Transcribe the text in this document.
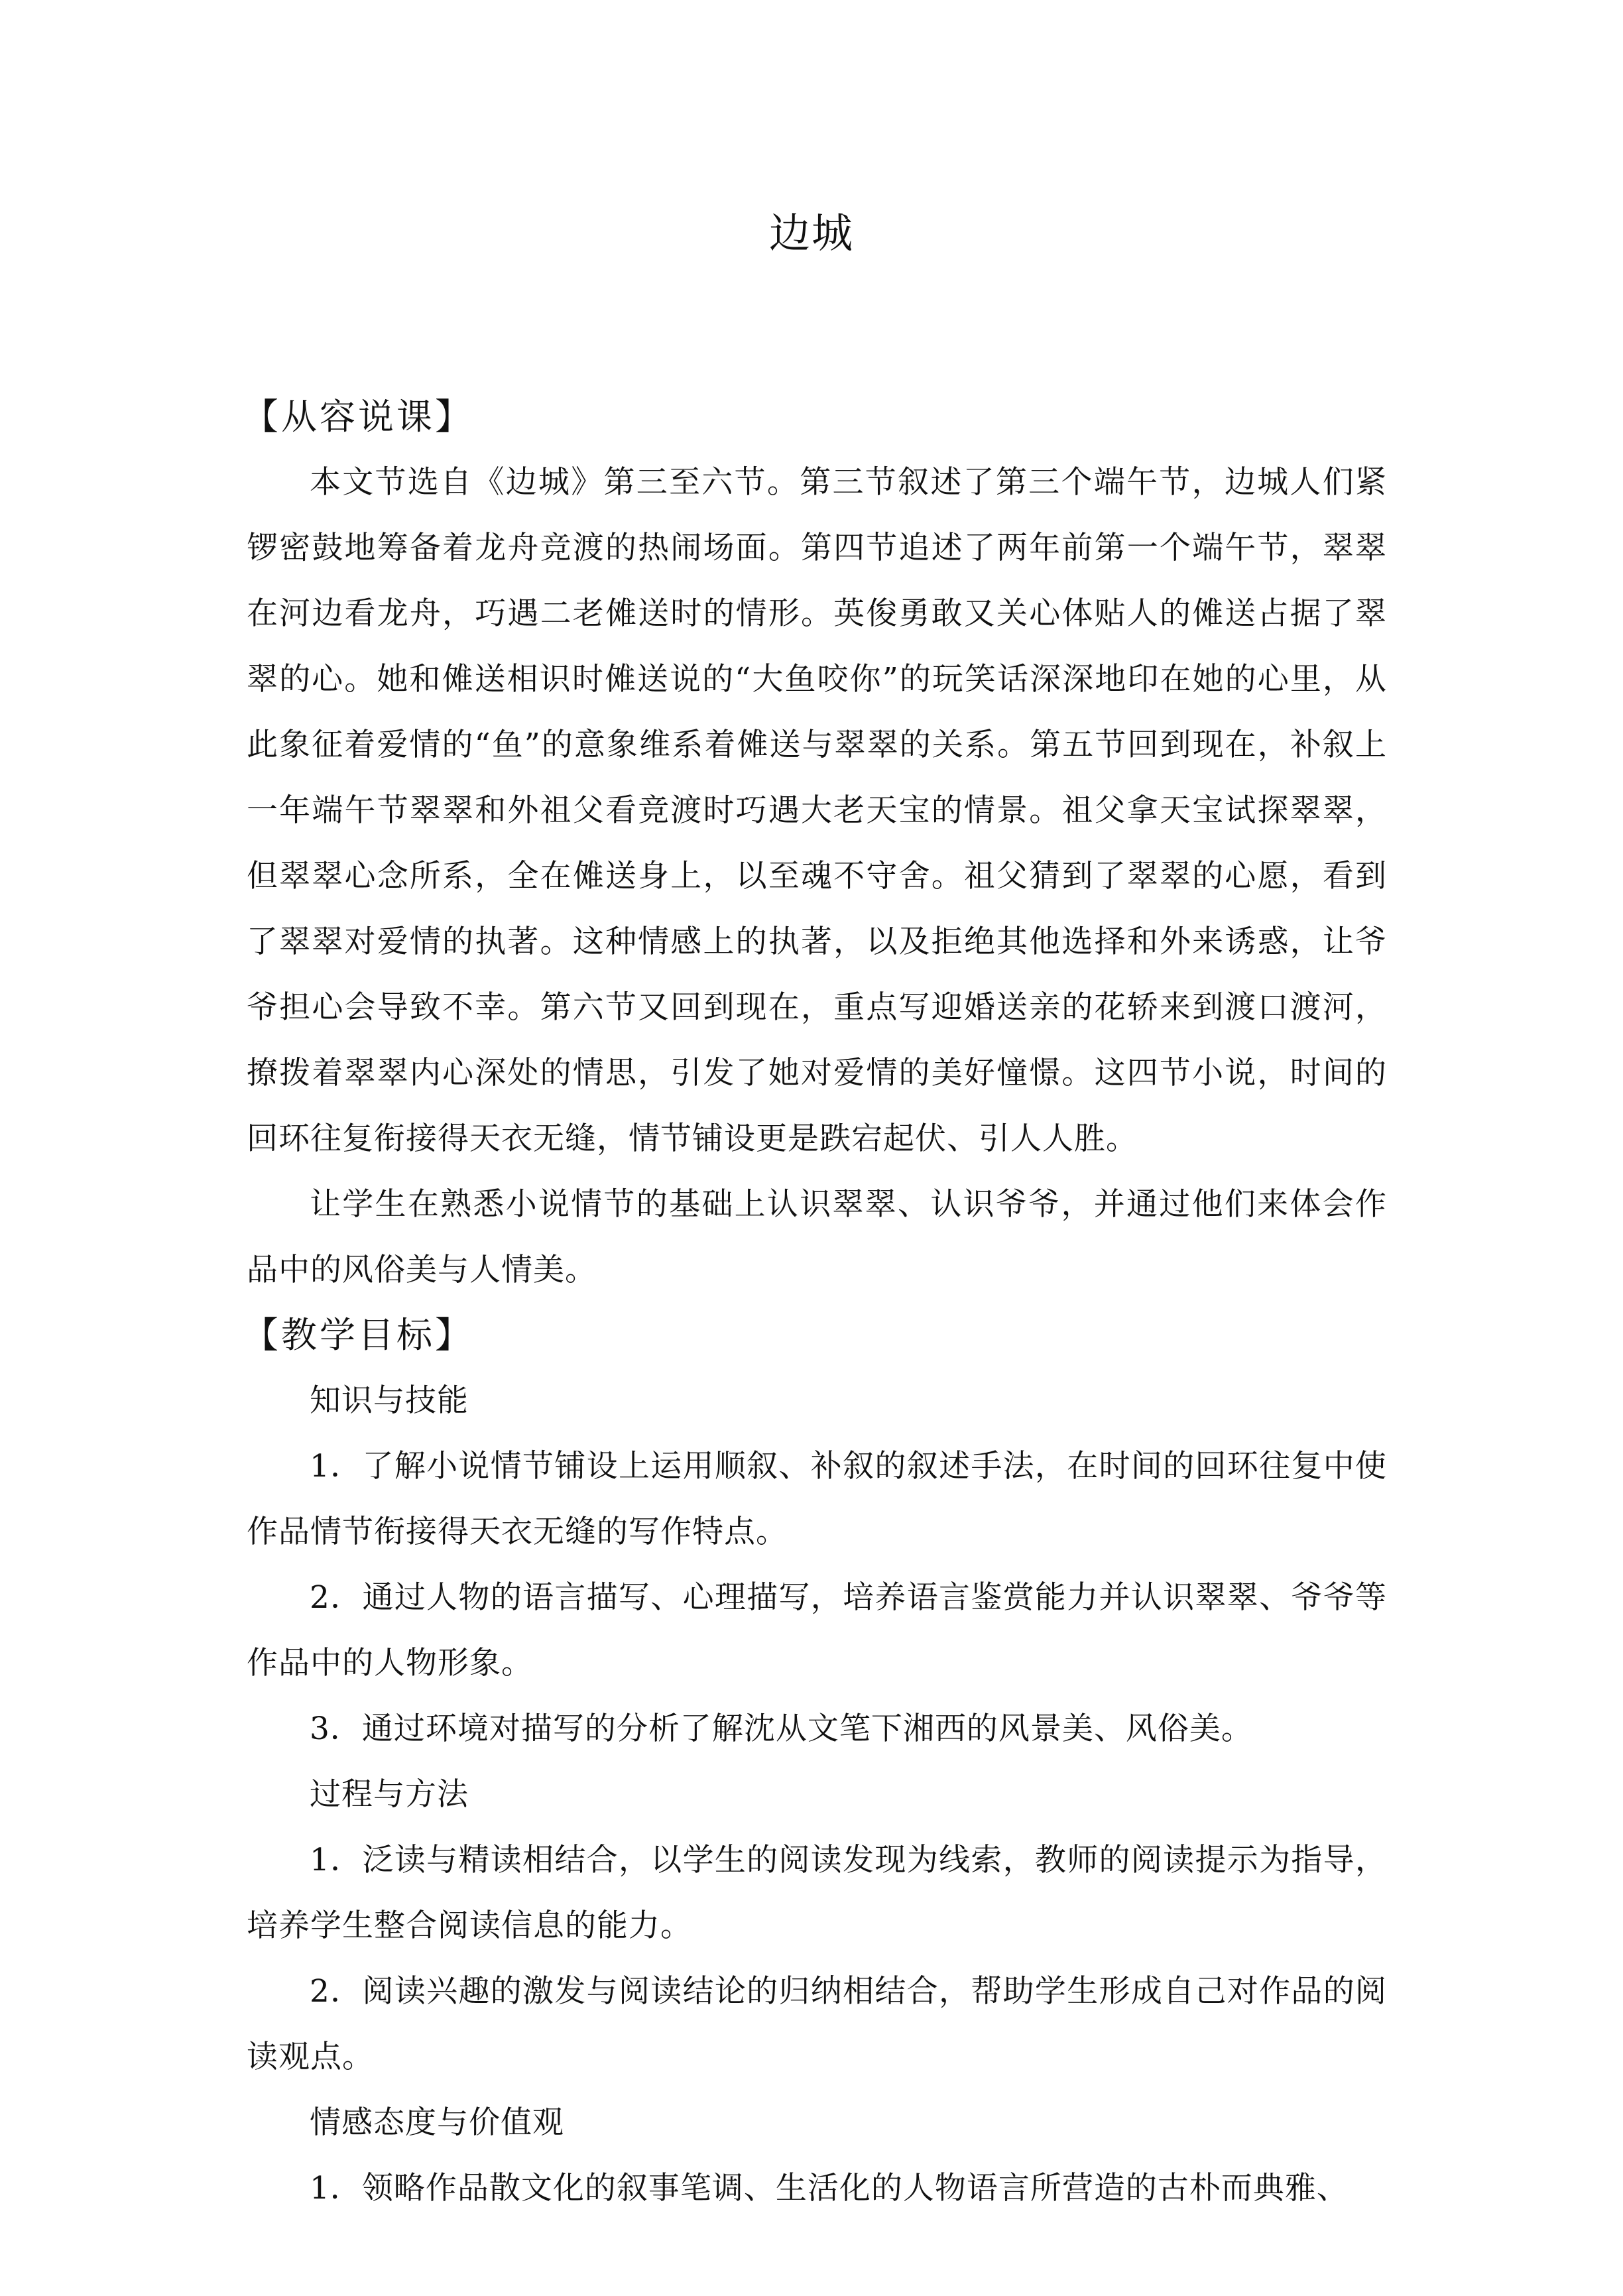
边城
【从容说课】

本文节选自《边城》第三至六节。第三节叙述了第三个端午节，边城人们紧锣密鼓地筹备着龙舟竞渡的热闹场面。第四节追述了两年前第一个端午节，翠翠在河边看龙舟，巧遇二老傩送时的情形。英俊勇敢又关心体贴人的傩送占据了翠翠的心。她和傩送相识时傩送说的“大鱼咬你”的玩笑话深深地印在她的心里，从此象征着爱情的“鱼”的意象维系着傩送与翠翠的关系。第五节回到现在，补叙上一年端午节翠翠和外祖父看竞渡时巧遇大老天宝的情景。祖父拿天宝试探翠翠，但翠翠心念所系，全在傩送身上，以至魂不守舍。祖父猜到了翠翠的心愿，看到了翠翠对爱情的执著。这种情感上的执著，以及拒绝其他选择和外来诱惑，让爷爷担心会导致不幸。第六节又回到现在，重点写迎婚送亲的花轿来到渡口渡河，撩拨着翠翠内心深处的情思，引发了她对爱情的美好憧憬。这四节小说，时间的回环往复衔接得天衣无缝，情节铺设更是跌宕起伏、引人人胜。

让学生在熟悉小说情节的基础上认识翠翠、认识爷爷，并通过他们来体会作品中的风俗美与人情美。

【教学目标】
知识与技能

1．了解小说情节铺设上运用顺叙、补叙的叙述手法，在时间的回环往复中使作品情节衔接得天衣无缝的写作特点。

2．通过人物的语言描写、心理描写，培养语言鉴赏能力并认识翠翠、爷爷等作品中的人物形象。

3．通过环境对描写的分析了解沈从文笔下湘西的风景美、风俗美。

过程与方法

1．泛读与精读相结合，以学生的阅读发现为线索，教师的阅读提示为指导，培养学生整合阅读信息的能力。

2．阅读兴趣的激发与阅读结论的归纳相结合，帮助学生形成自己对作品的阅读观点。

情感态度与价值观

1．领略作品散文化的叙事笔调、生活化的人物语言所营造的古朴而典雅、
